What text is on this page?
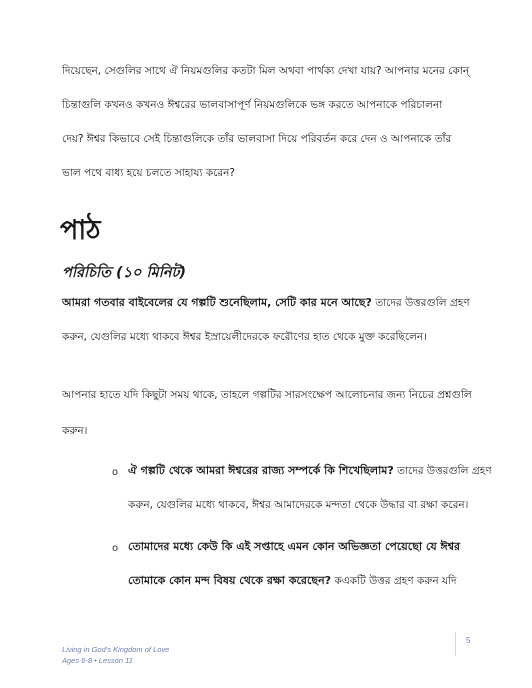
দিয়েছেন, সেগুলির সাথে ঐ নিয়মগুলির কতটা মিল অথবা পার্থক্য দেখা যায়? আপনার মনের কোন্
চিন্তাগুলি কখনও কখনও ঈশ্বরের ভালবাসাপূর্ণ নিয়মগুলিকে ভঙ্গ করতে আপনাকে পরিচালনা
দেয়? ঈশ্বর কিভাবে সেই চিন্তাগুলিকে তাঁর ভালবাসা দিয়ে পরিবর্তন করে দেন ও আপনাকে তাঁর
ভাল পথে বাধ্য হয়ে চলতে সাহায্য করেন?
পাঠ
পরিচিতি (১০ মিনিট)
আমরা গতবার বাইবেলের যে গল্পটি শুনেছিলাম, সেটি কার মনে আছে? তাদের উত্তরগুলি গ্রহণ
করুন, যেগুলির মধ্যে থাকবে ঈশ্বর ইস্রায়েলীদেরকে ফরৌণের হাত থেকে মুক্ত করেছিলেন।
আপনার হাতে যদি কিছুটা সময় থাকে, তাহলে গল্পটির সারসংক্ষেপ আলোচনার জন্য নিচের প্রশ্নগুলি
করুন।
o ঐ গল্পটি থেকে আমরা ঈশ্বরের রাজ্য সম্পর্কে কি শিখেছিলাম? তাদের উত্তরগুলি গ্রহণ
করুন, যেগুলির মধ্যে থাকবে, ঈশ্বর আমাদেরকে মন্দতা থেকে উদ্ধার বা রক্ষা করেন।
o তোমাদের মধ্যে কেউ কি এই সপ্তাহে এমন কোন অভিজ্ঞতা পেয়েছো যে ঈশ্বর
তোমাকে কোন মন্দ বিষয় থেকে রক্ষা করেছেন? কএকটি উত্তর গ্রহণ করুন যদি
Living in God's Kingdom of Love
Ages 6-8 • Lesson 11
5
